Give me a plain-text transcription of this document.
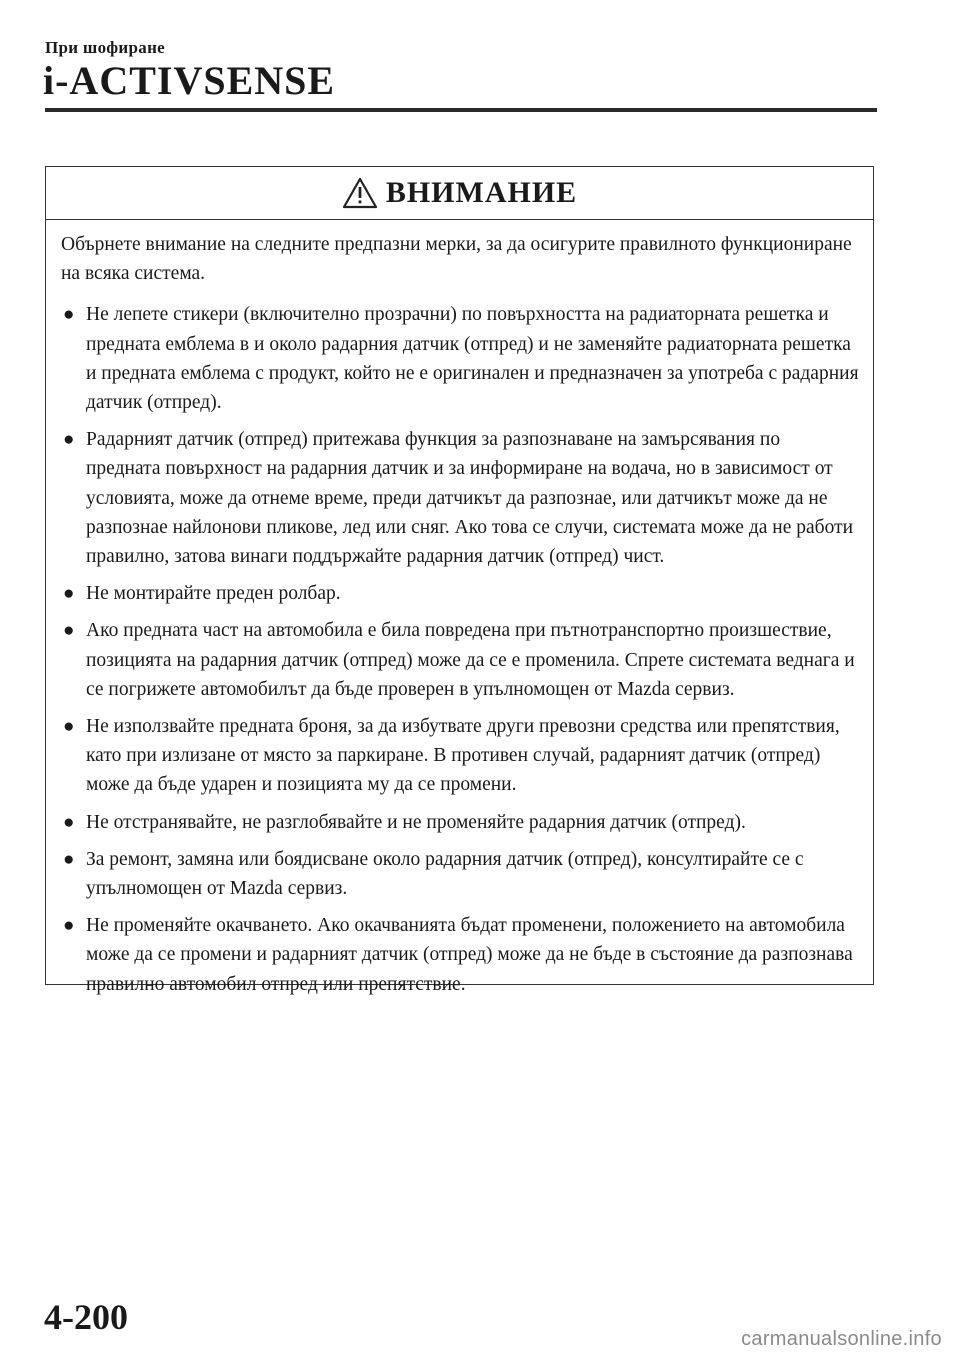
При шофиране
i-ACTIVSENSE
ВНИМАНИЕ

Обърнете внимание на следните предпазни мерки, за да осигурите правилното функциониране на всяка система.

● Не лепете стикери (включително прозрачни) по повърхността на радиаторната решетка и предната емблема в и около радарния датчик (отпред) и не заменяйте радиаторната решетка и предната емблема с продукт, който не е оригинален и предназначен за употреба с радарния датчик (отпред).
● Радарният датчик (отпред) притежава функция за разпознаване на замърсявания по предната повърхност на радарния датчик и за информиране на водача, но в зависимост от условията, може да отнеме време, преди датчикът да разпознае, или датчикът може да не разпознае найлонови пликове, лед или сняг. Ако това се случи, системата може да не работи правилно, затова винаги поддържайте радарния датчик (отпред) чист.
● Не монтирайте преден ролбар.
● Ако предната част на автомобила е била повредена при пътнотранспортно произшествие, позицията на радарния датчик (отпред) може да се е променила. Спрете системата веднага и се погрижете автомобилът да бъде проверен в упълномощен от Mazda сервиз.
● Не използвайте предната броня, за да избутвате други превозни средства или препятствия, като при излизане от място за паркиране. В противен случай, радарният датчик (отпред) може да бъде ударен и позицията му да се промени.
● Не отстранявайте, не разглобявайте и не променяйте радарния датчик (отпред).
● За ремонт, замяна или боядисване около радарния датчик (отпред), консултирайте се с упълномощен от Mazda сервиз.
● Не променяйте окачването. Ако окачванията бъдат променени, положението на автомобила може да се промени и радарният датчик (отпред) може да не бъде в състояние да разпознава правилно автомобил отпред или препятствие.
4-200
carmanualsonline.info
